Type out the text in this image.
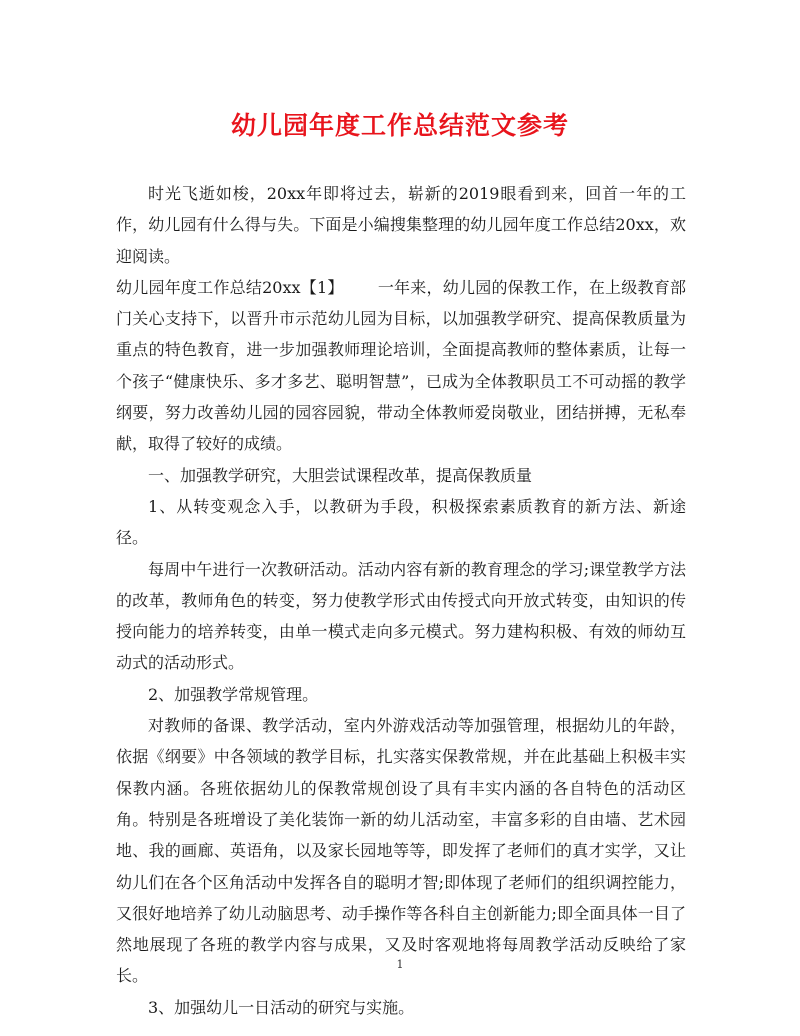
幼儿园年度工作总结范文参考

时光飞逝如梭，20xx年即将过去，崭新的2019眼看到来，回首一年的工作，幼儿园有什么得与失。下面是小编搜集整理的幼儿园年度工作总结20xx，欢迎阅读。

幼儿园年度工作总结20xx【1】 一年来，幼儿园的保教工作，在上级教育部门关心支持下，以晋升市示范幼儿园为目标，以加强教学研究、提高保教质量为重点的特色教育，进一步加强教师理论培训，全面提高教师的整体素质，让每一个孩子“健康快乐、多才多艺、聪明智慧”，已成为全体教职员工不可动摇的教学纲要，努力改善幼儿园的园容园貌，带动全体教师爱岗敬业，团结拼搏，无私奉献，取得了较好的成绩。

一、加强教学研究，大胆尝试课程改革，提高保教质量

1、从转变观念入手，以教研为手段，积极探索素质教育的新方法、新途径。

每周中午进行一次教研活动。活动内容有新的教育理念的学习;课堂教学方法的改革，教师角色的转变，努力使教学形式由传授式向开放式转变，由知识的传授向能力的培养转变，由单一模式走向多元模式。努力建构积极、有效的师幼互动式的活动形式。

2、加强教学常规管理。

对教师的备课、教学活动，室内外游戏活动等加强管理，根据幼儿的年龄，依据《纲要》中各领域的教学目标，扎实落实保教常规，并在此基础上积极丰实保教内涵。各班依据幼儿的保教常规创设了具有丰实内涵的各自特色的活动区角。特别是各班增设了美化装饰一新的幼儿活动室，丰富多彩的自由墙、艺术园地、我的画廊、英语角，以及家长园地等等，即发挥了老师们的真才实学，又让幼儿们在各个区角活动中发挥各自的聪明才智;即体现了老师们的组织调控能力，又很好地培养了幼儿动脑思考、动手操作等各科自主创新能力;即全面具体一目了然地展现了各班的教学内容与成果，又及时客观地将每周教学活动反映给了家长。

3、加强幼儿一日活动的研究与实施。

1
